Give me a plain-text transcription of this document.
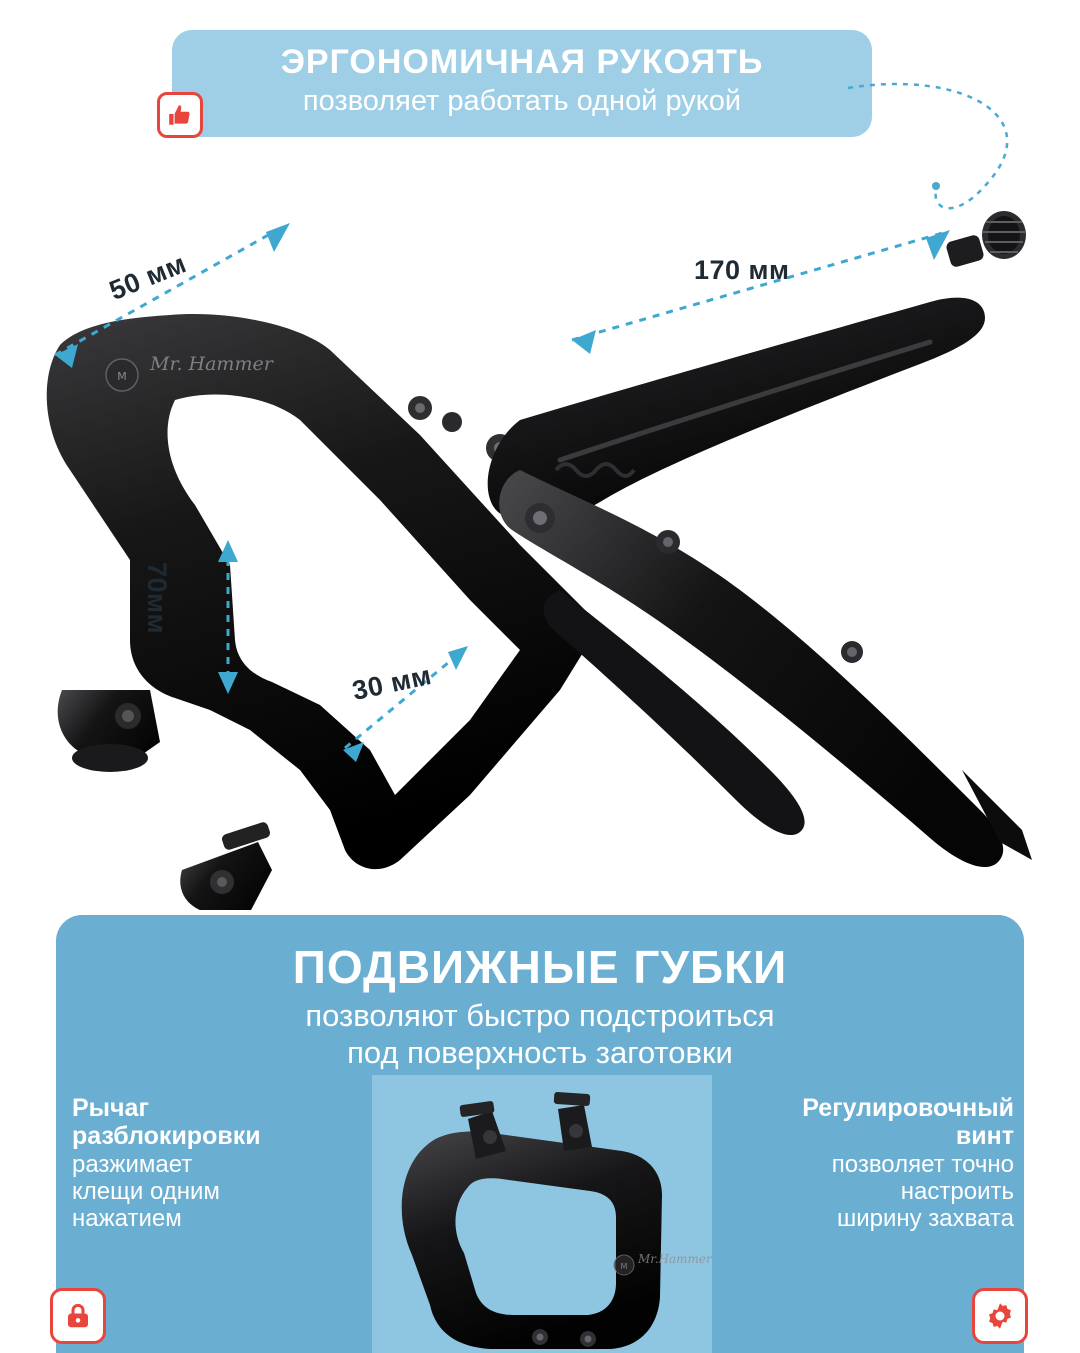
ЭРГОНОМИЧНАЯ РУКОЯТЬ
позволяет работать одной рукой
M
Mr. Hammer
50 мм	170 мм
70мм
30 мм
ПОДВИЖНЫЕ ГУБКИ
позволяют быстро подстроиться
под поверхность заготовки
Рычаг
разблокировки
разжимает
клещи одним
нажатием
Регулировочный
винт
позволяет точно
настроить
ширину захвата
M
Mr.Hammer
